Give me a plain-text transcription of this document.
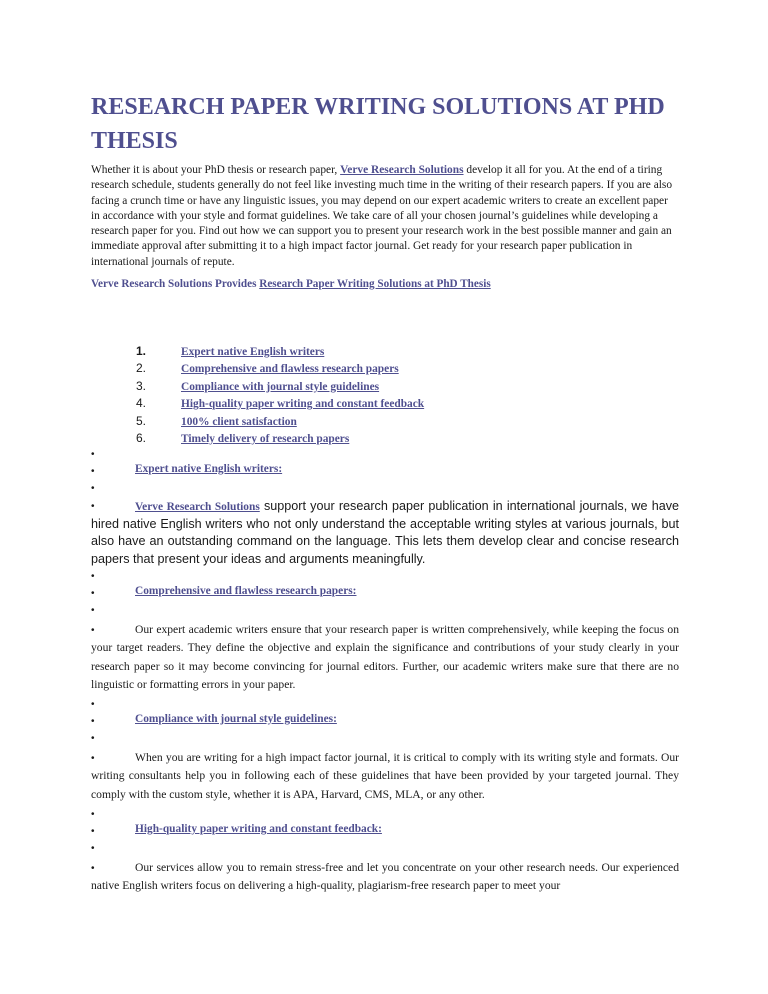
RESEARCH PAPER WRITING SOLUTIONS AT PHD THESIS

Whether it is about your PhD thesis or research paper, Verve Research Solutions develop it all for you. At the end of a tiring research schedule, students generally do not feel like investing much time in the writing of their research papers. If you are also facing a crunch time or have any linguistic issues, you may depend on our expert academic writers to create an excellent paper in accordance with your style and format guidelines. We take care of all your chosen journal’s guidelines while developing a research paper for you. Find out how we can support you to present your research work in the best possible manner and gain an immediate approval after submitting it to a high impact factor journal. Get ready for your research paper publication in international journals of repute.

Verve Research Solutions Provides Research Paper Writing Solutions at PhD Thesis

1.	Expert native English writers
2.	Comprehensive and flawless research papers
3.	Compliance with journal style guidelines
4.	High-quality paper writing and constant feedback
5.	100% client satisfaction
6.	Timely delivery of research papers
•
•	Expert native English writers:
•

•	Verve Research Solutions support your research paper publication in international journals, we have hired native English writers who not only understand the acceptable writing styles at various journals, but also have an outstanding command on the language. This lets them develop clear and concise research papers that present your ideas and arguments meaningfully.

•
•	Comprehensive and flawless research papers:
•

•	Our expert academic writers ensure that your research paper is written comprehensively, while keeping the focus on your target readers. They define the objective and explain the significance and contributions of your study clearly in your research paper so it may become convincing for journal editors. Further, our academic writers make sure that there are no linguistic or formatting errors in your paper.

•
•	Compliance with journal style guidelines:
•

•	When you are writing for a high impact factor journal, it is critical to comply with its writing style and formats. Our writing consultants help you in following each of these guidelines that have been provided by your targeted journal. They comply with the custom style, whether it is APA, Harvard, CMS, MLA, or any other.

•
•	High-quality paper writing and constant feedback:
•

•	Our services allow you to remain stress-free and let you concentrate on your other research needs. Our experienced native English writers focus on delivering a high-quality, plagiarism-free research paper to meet your
